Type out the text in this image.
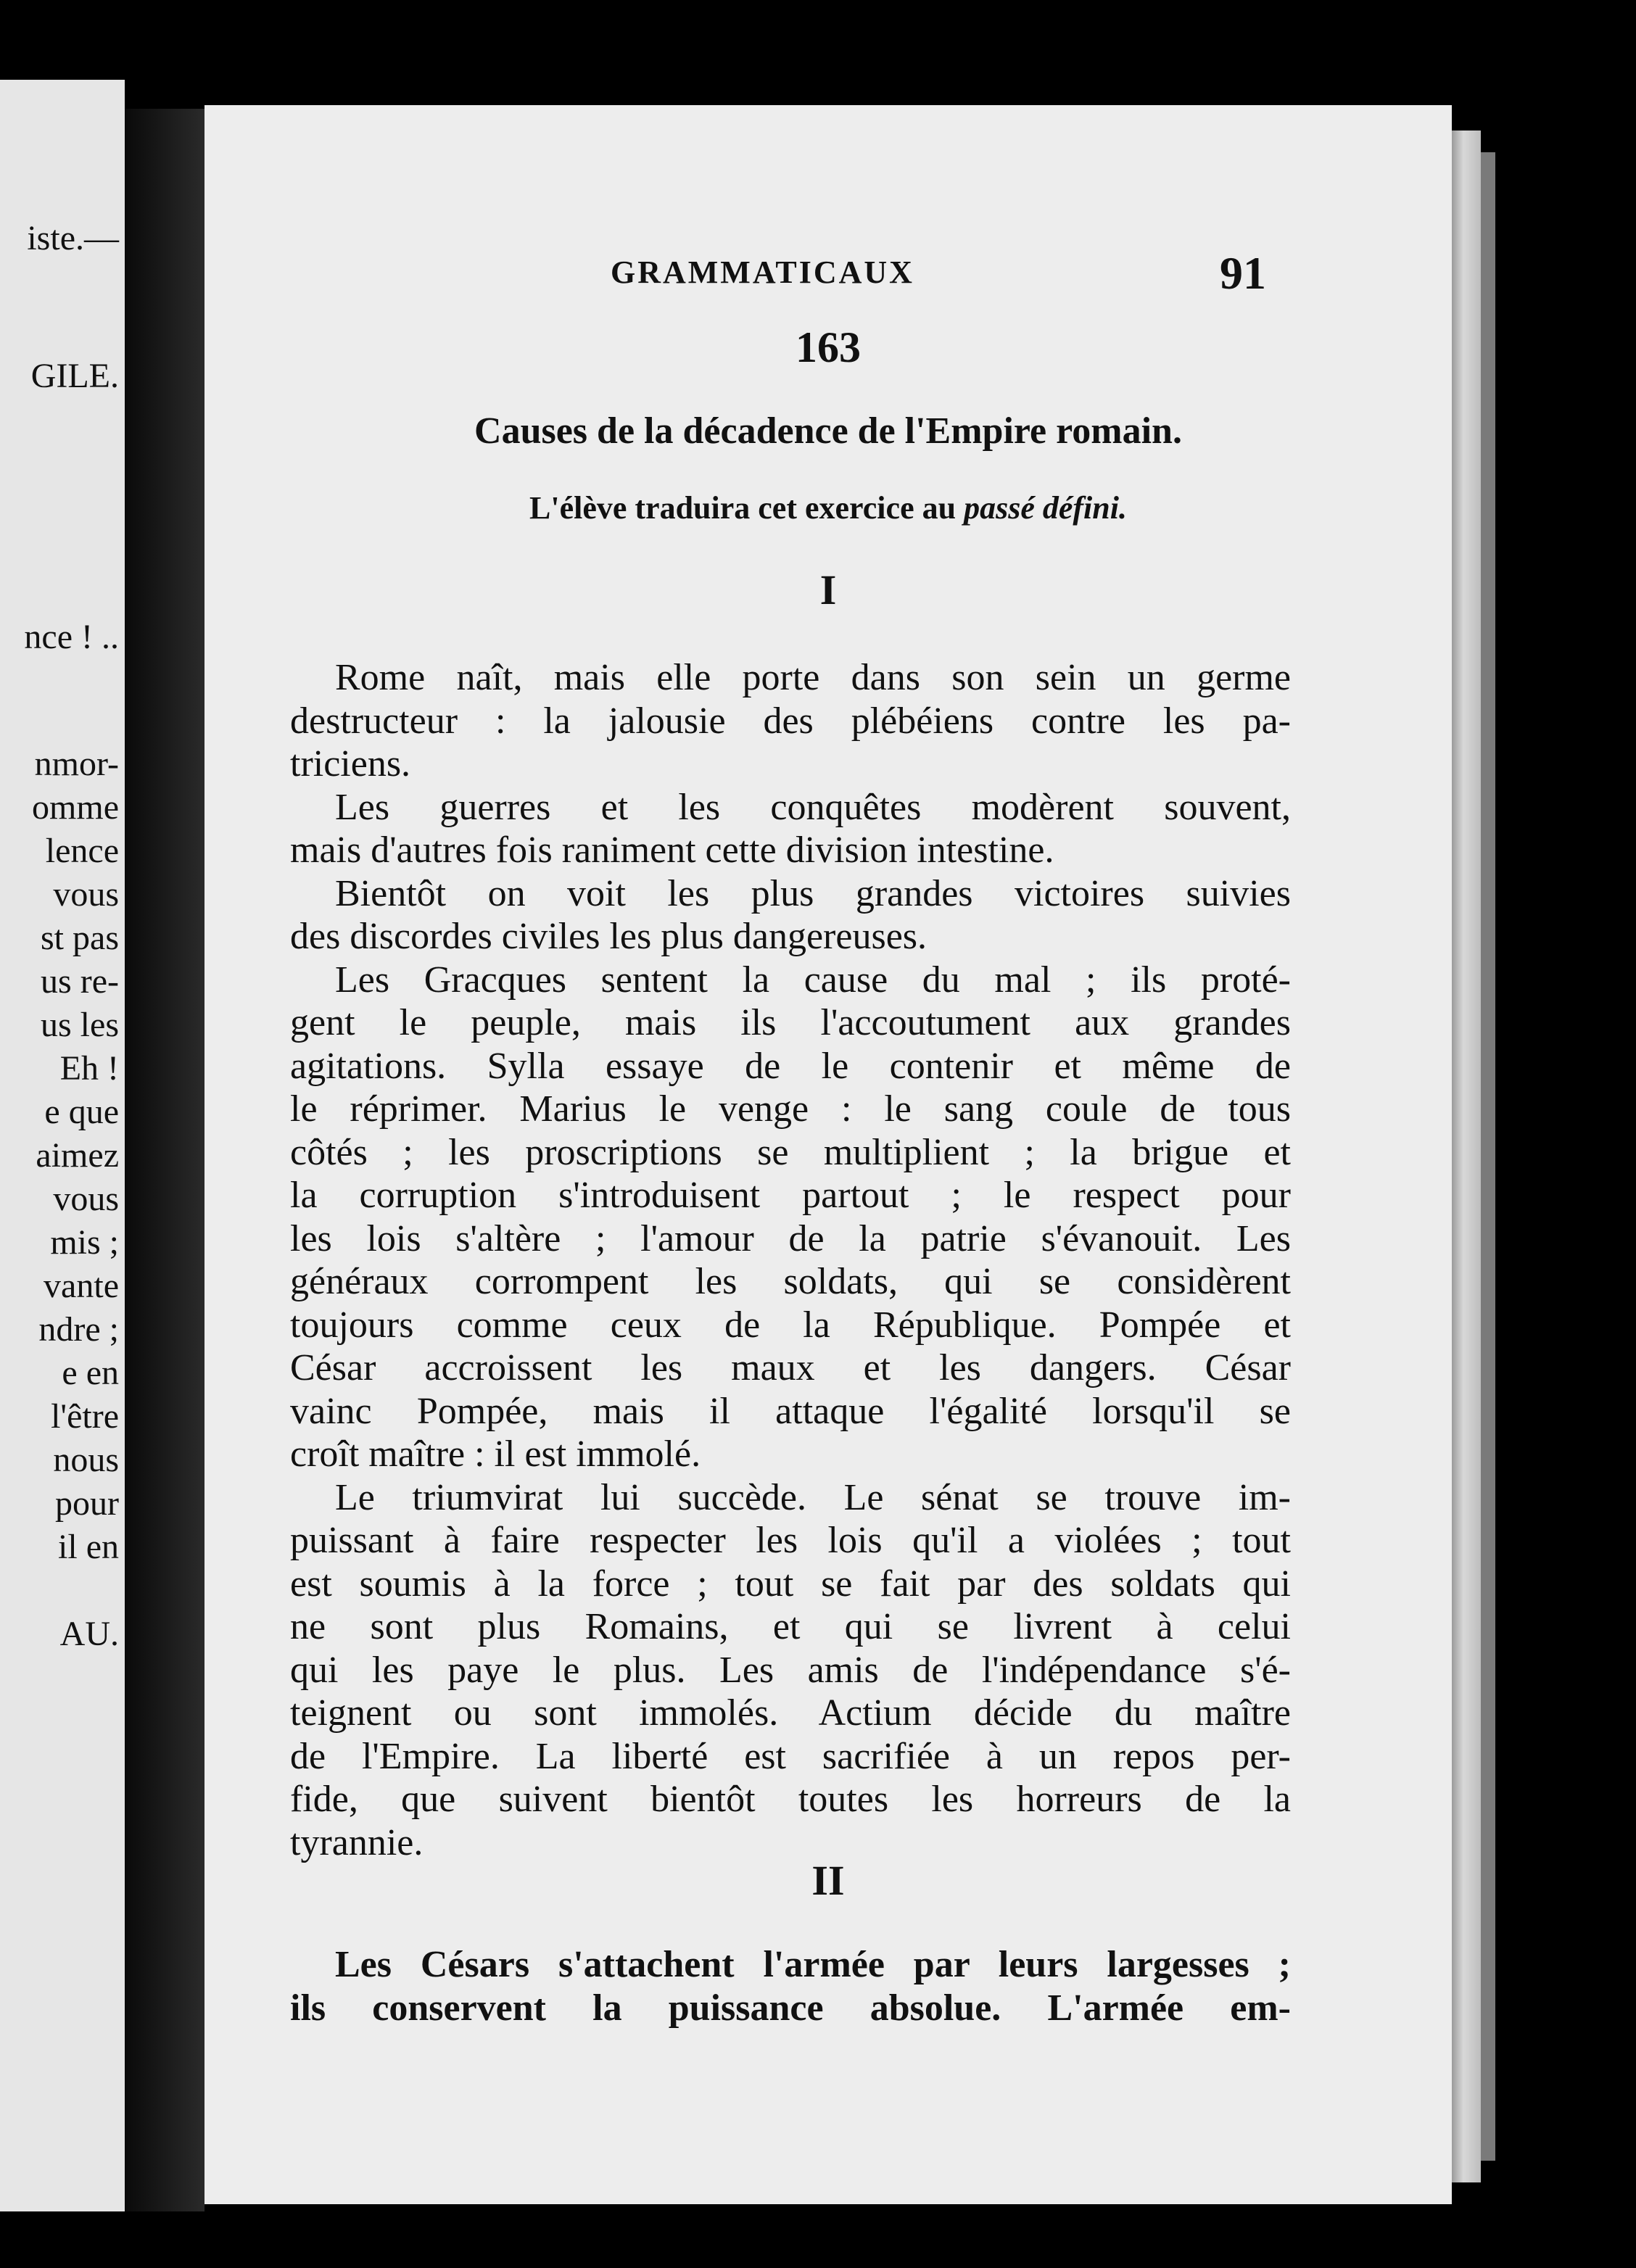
iste.—
GILE.
nce ! ..
nmor-
omme
lence
vous
st pas
us re-
us les
Eh !
e que
aimez
vous
mis ;
vante
ndre ;
e en
l'être
nous
pour
il en
AU.
GRAMMATICAUX	91
163
Causes de la décadence de l'Empire romain.
L'élève traduira cet exercice au passé défini.
I
Rome naît, mais elle porte dans son sein un germe
destructeur : la jalousie des plébéiens contre les pa-
triciens.
Les guerres et les conquêtes modèrent souvent,
mais d'autres fois raniment cette division intestine.
Bientôt on voit les plus grandes victoires suivies
des discordes civiles les plus dangereuses.
Les Gracques sentent la cause du mal ; ils proté-
gent le peuple, mais ils l'accoutument aux grandes
agitations. Sylla essaye de le contenir et même de
le réprimer. Marius le venge : le sang coule de tous
côtés ; les proscriptions se multiplient ; la brigue et
la corruption s'introduisent partout ; le respect pour
les lois s'altère ; l'amour de la patrie s'évanouit. Les
généraux corrompent les soldats, qui se considèrent
toujours comme ceux de la République. Pompée et
César accroissent les maux et les dangers. César
vainc Pompée, mais il attaque l'égalité lorsqu'il se
croît maître : il est immolé.
Le triumvirat lui succède. Le sénat se trouve im-
puissant à faire respecter les lois qu'il a violées ; tout
est soumis à la force ; tout se fait par des soldats qui
ne sont plus Romains, et qui se livrent à celui
qui les paye le plus. Les amis de l'indépendance s'é-
teignent ou sont immolés. Actium décide du maître
de l'Empire. La liberté est sacrifiée à un repos per-
fide, que suivent bientôt toutes les horreurs de la
tyrannie.
II
Les Césars s'attachent l'armée par leurs largesses ;
ils conservent la puissance absolue. L'armée em-
